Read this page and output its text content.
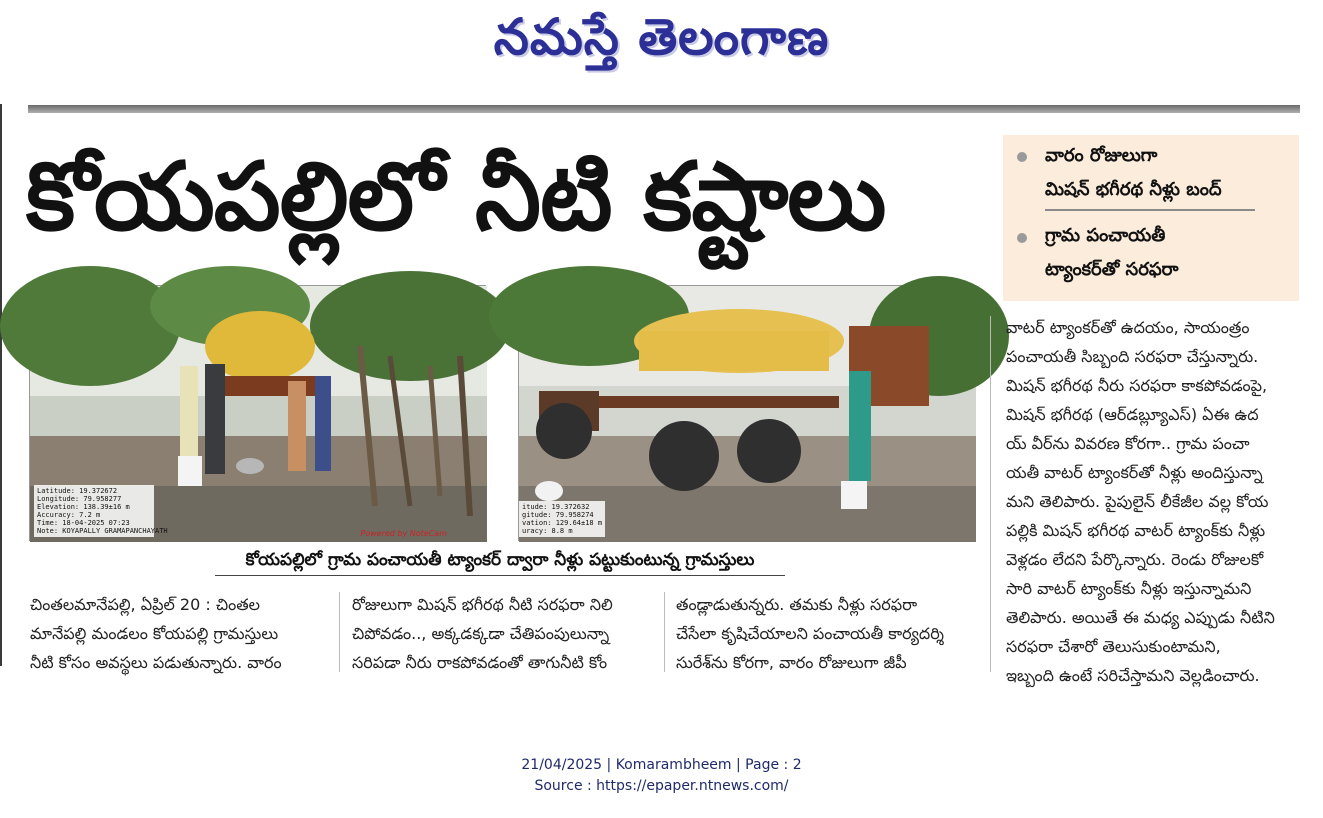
నమస్తే తెలంగాణ
కోయపల్లిలో నీటి కష్టాలు	వారం రోజులుగా
మిషన్ భగీరథ నీళ్లు బంద్
గ్రామ పంచాయతీ
ట్యాంకర్‌తో సరఫరా
Latitude: 19.372672
Longitude: 79.958277
Elevation: 138.39±16 m
Accuracy: 7.2 m
Time: 18-04-2025 07:23
Note: KOYAPALLY GRAMAPANCHAYATH	Powered by NoteCam
itude: 19.372632
gitude: 79.958274
vation: 129.64±18 m
uracy: 8.8 m
కోయపల్లిలో గ్రామ పంచాయతీ ట్యాంకర్ ద్వారా నీళ్లు పట్టుకుంటున్న గ్రామస్తులు
చింతలమానేపల్లి, ఏప్రిల్ 20 : చింతల
మానేపల్లి మండలం కోయపల్లి గ్రామస్తులు
నీటి కోసం అవస్థలు పడుతున్నారు. వారం
రోజులుగా మిషన్ భగీరథ నీటి సరఫరా నిలి
చిపోవడం.., అక్కడక్కడా చేతిపంపులున్నా
సరిపడా నీరు రాకపోవడంతో తాగునీటి కోం
తండ్లాడుతున్నరు. తమకు నీళ్లు సరఫరా
చేసేలా కృషిచేయాలని పంచాయతీ కార్యదర్శి
సురేశ్‌ను కోరగా, వారం రోజులుగా జీపీ
వాటర్ ట్యాంకర్‌తో ఉదయం, సాయంత్రం
పంచాయతీ సిబ్బంది సరఫరా చేస్తున్నారు.
మిషన్ భగీరథ నీరు సరఫరా కాకపోవడంపై,
మిషన్ భగీరథ (ఆర్‌డబ్ల్యూఎస్) ఏఈ ఉద
య్ వీర్‌ను వివరణ కోరగా.. గ్రామ పంచా
యతీ వాటర్ ట్యాంకర్‌తో నీళ్లు అందిస్తున్నా
మని తెలిపారు. పైపులైన్ లీకేజీల వల్ల కోయ
పల్లికి మిషన్ భగీరథ వాటర్ ట్యాంక్‌కు నీళ్లు
వెళ్లడం లేదని పేర్కొన్నారు. రెండు రోజులకో
సారి వాటర్ ట్యాంక్‌కు నీళ్లు ఇస్తున్నామని
తెలిపారు. అయితే ఈ మధ్య ఎప్పుడు నీటిని
సరఫరా చేశారో తెలుసుకుంటామని,
ఇబ్బంది ఉంటే సరిచేస్తామని వెల్లడించారు.
21/04/2025 | Komarambheem | Page : 2
Source : https://epaper.ntnews.com/
